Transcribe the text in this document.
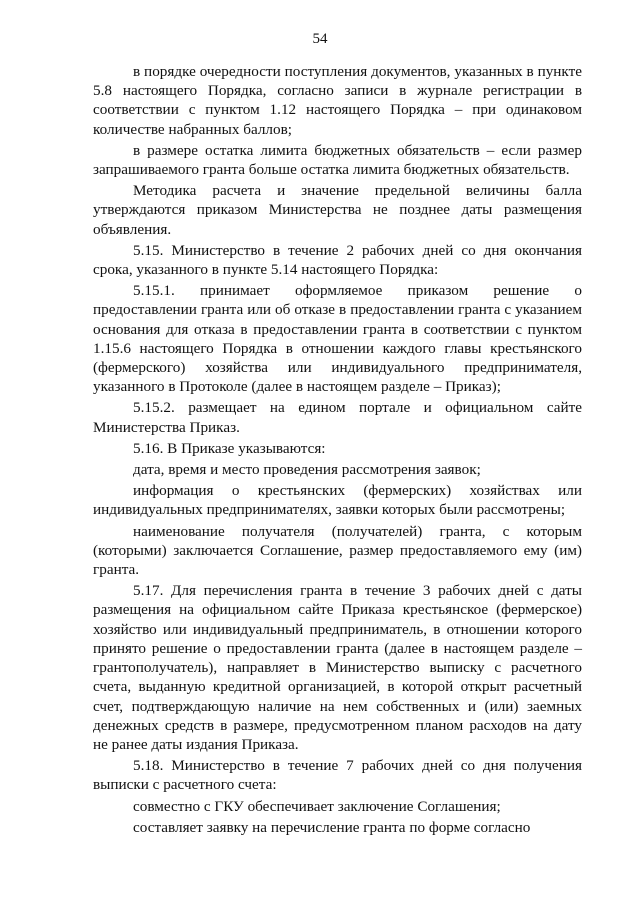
54

в порядке очередности поступления документов, указанных в пункте 5.8 настоящего Порядка, согласно записи в журнале регистрации в соответствии с пунктом 1.12 настоящего Порядка – при одинаковом количестве набранных баллов;

в размере остатка лимита бюджетных обязательств – если размер запрашиваемого гранта больше остатка лимита бюджетных обязательств.

Методика расчета и значение предельной величины балла утверждаются приказом Министерства не позднее даты размещения объявления.

5.15. Министерство в течение 2 рабочих дней со дня окончания срока, указанного в пункте 5.14 настоящего Порядка:

5.15.1. принимает оформляемое приказом решение о предоставлении гранта или об отказе в предоставлении гранта с указанием основания для отказа в предоставлении гранта в соответствии с пунктом 1.15.6 настоящего Порядка в отношении каждого главы крестьянского (фермерского) хозяйства или индивидуального предпринимателя, указанного в Протоколе (далее в настоящем разделе – Приказ);

5.15.2. размещает на едином портале и официальном сайте Министерства Приказ.

5.16. В Приказе указываются:

дата, время и место проведения рассмотрения заявок;

информация о крестьянских (фермерских) хозяйствах или индивидуальных предпринимателях, заявки которых были рассмотрены;

наименование получателя (получателей) гранта, с которым (которыми) заключается Соглашение, размер предоставляемого ему (им) гранта.

5.17. Для перечисления гранта в течение 3 рабочих дней с даты размещения на официальном сайте Приказа крестьянское (фермерское) хозяйство или индивидуальный предприниматель, в отношении которого принято решение о предоставлении гранта (далее в настоящем разделе – грантополучатель), направляет в Министерство выписку с расчетного счета, выданную кредитной организацией, в которой открыт расчетный счет, подтверждающую наличие на нем собственных и (или) заемных денежных средств в размере, предусмотренном планом расходов на дату не ранее даты издания Приказа.

5.18. Министерство в течение 7 рабочих дней со дня получения выписки с расчетного счета:

совместно с ГКУ обеспечивает заключение Соглашения;

составляет заявку на перечисление гранта по форме согласно
